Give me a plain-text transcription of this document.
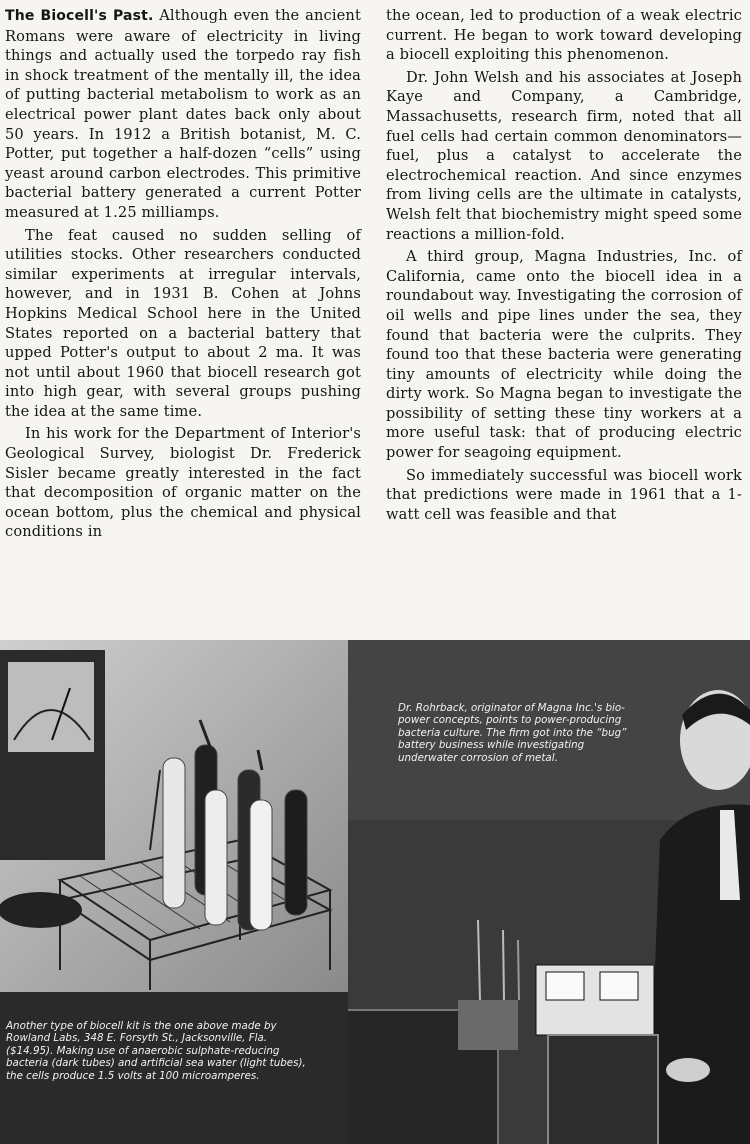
The Biocell's Past. Although even the ancient Romans were aware of electricity in living things and actually used the torpedo ray fish in shock treatment of the mentally ill, the idea of putting bacterial metabolism to work as an electrical power plant dates back only about 50 years. In 1912 a British botanist, M. C. Potter, put together a half-dozen “cells” using yeast around carbon electrodes. This primitive bacterial battery generated a current Potter measured at 1.25 milliamps.

The feat caused no sudden selling of utilities stocks. Other researchers conducted similar experiments at irregular intervals, however, and in 1931 B. Cohen at Johns Hopkins Medical School here in the United States reported on a bacterial battery that upped Potter's output to about 2 ma. It was not until about 1960 that biocell research got into high gear, with several groups pushing the idea at the same time.

In his work for the Department of Interior's Geological Survey, biologist Dr. Frederick Sisler became greatly interested in the fact that decomposition of organic matter on the ocean bottom, plus the chemical and physical conditions in

the ocean, led to production of a weak electric current. He began to work toward developing a biocell exploiting this phenomenon.

Dr. John Welsh and his associates at Joseph Kaye and Company, a Cambridge, Massachusetts, research firm, noted that all fuel cells had certain common denominators—fuel, plus a catalyst to accelerate the electrochemical reaction. And since enzymes from living cells are the ultimate in catalysts, Welsh felt that biochemistry might speed some reactions a million-fold.

A third group, Magna Industries, Inc. of California, came onto the biocell idea in a roundabout way. Investigating the corrosion of oil wells and pipe lines under the sea, they found that bacteria were the culprits. They found too that these bacteria were generating tiny amounts of electricity while doing the dirty work. So Magna began to investigate the possibility of setting these tiny workers at a more useful task: that of producing electric power for seagoing equipment.

So immediately successful was biocell work that predictions were made in 1961 that a 1-watt cell was feasible and that

Dr. Rohrback, originator of Magna Inc.'s bio-power concepts, points to power-producing bacteria culture. The firm got into the “bug” battery business while investigating underwater corrosion of metal.
Another type of biocell kit is the one above made by Rowland Labs, 348 E. Forsyth St., Jacksonville, Fla. ($14.95). Making use of anaerobic sulphate-reducing bacteria (dark tubes) and artificial sea water (light tubes), the cells produce 1.5 volts at 100 microamperes.
